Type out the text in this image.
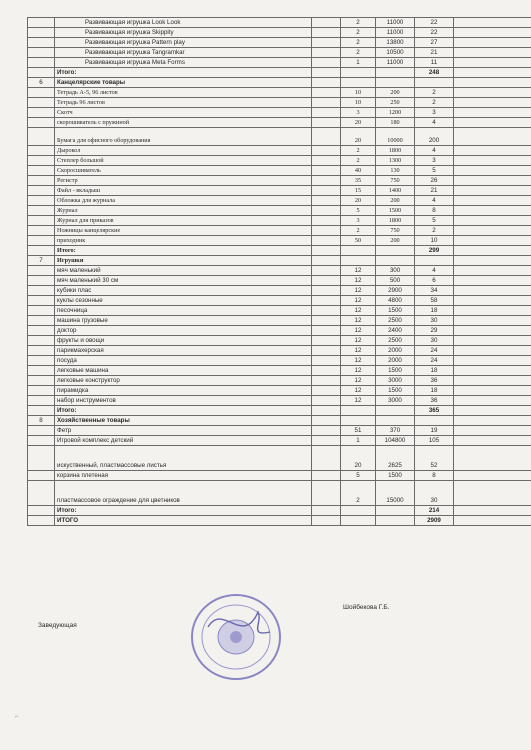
	Развивающая игрушка Look Look		2	11000	22	
	Развивающая игрушка Skippity		2	11000	22	
	Развивающая игрушка Pattern play		2	13800	27	
	Развивающая игрушка Tangramkar		2	10500	21	
	Развивающая игрушка Meta Forms		1	11000	11	
	Итого:				248	
6	Канцелярские товары					
	Тетрадь А-5, 96 листов		10	200	2	
	Тетрадь 96 листов		10	250	2	
	Скотч		3	1200	3	
	скорошиватель с пружиной		20	180	4	
	Бумага для офисного оборудования		20	10000	200	
	Дырокол		2	1800	4	
	Степлер большой		2	1300	3	
	Скоросшиватель		40	130	5	
	Регистр		35	750	26	
	Файл - вкладыш		15	1400	21	
	Обложка для журнала		20	200	4	
	Журнал		5	1500	8	
	Журнал для приказов		3	1800	5	
	Ножницы канцелярские		2	750	2	
	приходник		50	200	10	
	Итого:				299	
7	Игрушки					
	мяч маленький		12	300	4	
	мяч маленький 30 см		12	500	6	
	кубики плас		12	2900	34	
	куклы сезонные		12	4800	58	
	песочница		12	1500	18	
	машина грузовые		12	2500	30	
	доктор		12	2400	29	
	фрукты и овощи		12	2500	30	
	парикмахерская		12	2000	24	
	посуда		12	2000	24	
	легковые машина		12	1500	18	
	легковые конструктор		12	3000	36	
	пирамидка		12	1500	18	
	набор инструментов		12	3000	36	
	Итого:				365	
8	Хозяйственные товары					
	Фетр		51	370	19	
	Игровой комплекс детский		1	104800	105	
	искуственный, пластмассовые листья		20	2625	52	
	корзина плетеная		5	1500	8	
	пластмассовое ограждение для цветников		2	15000	30	
	Итого:				214	
	ИТОГО				2909	
Заведующая
Шойбекова Г.Б.
⌐
